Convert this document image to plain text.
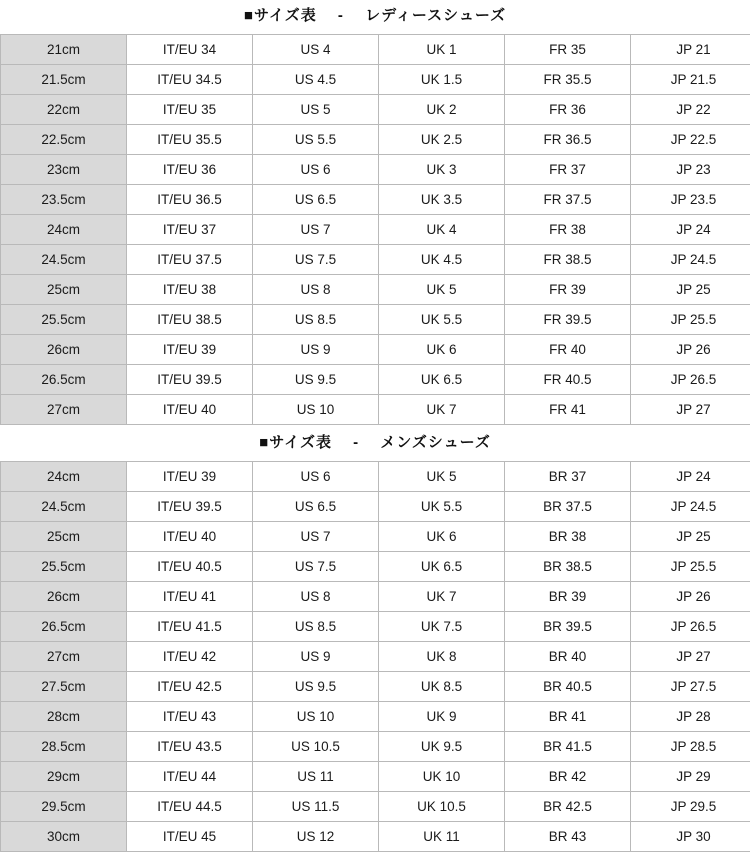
■サイズ表 　-　 レディースシューズ
21cm	IT/EU 34	US 4	UK 1	FR 35	JP 21
21.5cm	IT/EU 34.5	US 4.5	UK 1.5	FR 35.5	JP 21.5
22cm	IT/EU 35	US 5	UK 2	FR 36	JP 22
22.5cm	IT/EU 35.5	US 5.5	UK 2.5	FR 36.5	JP 22.5
23cm	IT/EU 36	US 6	UK 3	FR 37	JP 23
23.5cm	IT/EU 36.5	US 6.5	UK 3.5	FR 37.5	JP 23.5
24cm	IT/EU 37	US 7	UK 4	FR 38	JP 24
24.5cm	IT/EU 37.5	US 7.5	UK 4.5	FR 38.5	JP 24.5
25cm	IT/EU 38	US 8	UK 5	FR 39	JP 25
25.5cm	IT/EU 38.5	US 8.5	UK 5.5	FR 39.5	JP 25.5
26cm	IT/EU 39	US 9	UK 6	FR 40	JP 26
26.5cm	IT/EU 39.5	US 9.5	UK 6.5	FR 40.5	JP 26.5
27cm	IT/EU 40	US 10	UK 7	FR 41	JP 27
■サイズ表 　-　 メンズシューズ
24cm	IT/EU 39	US 6	UK 5	BR 37	JP 24
24.5cm	IT/EU 39.5	US 6.5	UK 5.5	BR 37.5	JP 24.5
25cm	IT/EU 40	US 7	UK 6	BR 38	JP 25
25.5cm	IT/EU 40.5	US 7.5	UK 6.5	BR 38.5	JP 25.5
26cm	IT/EU 41	US 8	UK 7	BR 39	JP 26
26.5cm	IT/EU 41.5	US 8.5	UK 7.5	BR 39.5	JP 26.5
27cm	IT/EU 42	US 9	UK 8	BR 40	JP 27
27.5cm	IT/EU 42.5	US 9.5	UK 8.5	BR 40.5	JP 27.5
28cm	IT/EU 43	US 10	UK 9	BR 41	JP 28
28.5cm	IT/EU 43.5	US 10.5	UK 9.5	BR 41.5	JP 28.5
29cm	IT/EU 44	US 11	UK 10	BR 42	JP 29
29.5cm	IT/EU 44.5	US 11.5	UK 10.5	BR 42.5	JP 29.5
30cm	IT/EU 45	US 12	UK 11	BR 43	JP 30
